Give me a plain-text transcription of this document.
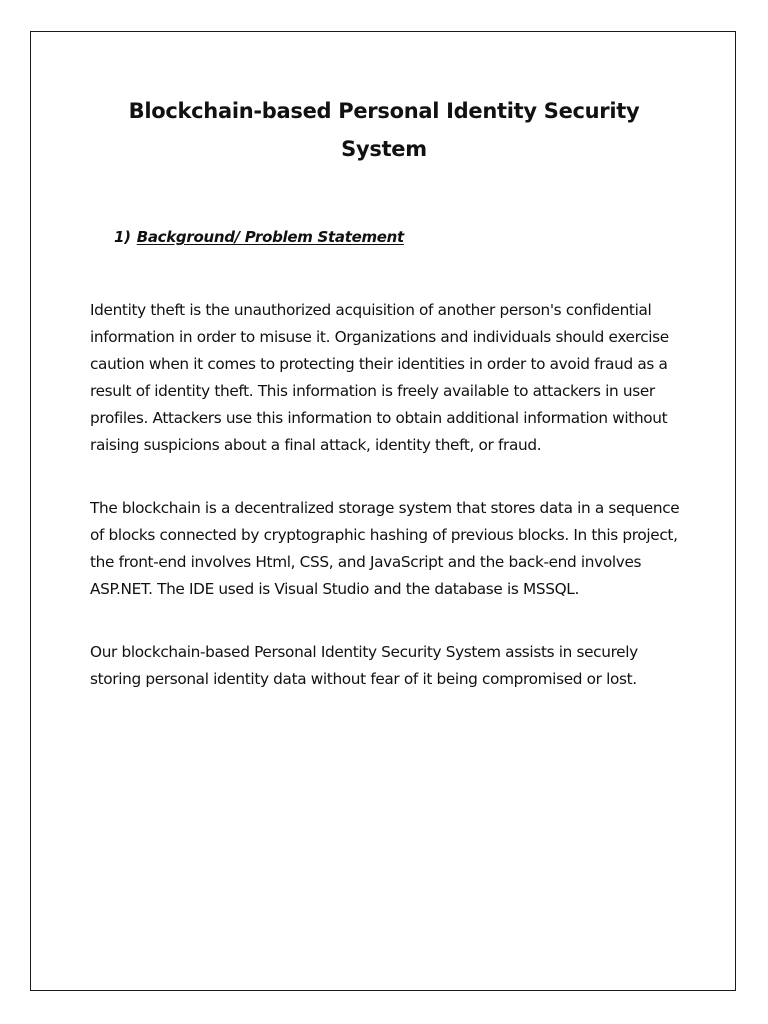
Blockchain-based Personal Identity Security System
1) Background/ Problem Statement

Identity theft is the unauthorized acquisition of another person's confidential information in order to misuse it. Organizations and individuals should exercise caution when it comes to protecting their identities in order to avoid fraud as a result of identity theft. This information is freely available to attackers in user profiles. Attackers use this information to obtain additional information without raising suspicions about a final attack, identity theft, or fraud.

The blockchain is a decentralized storage system that stores data in a sequence of blocks connected by cryptographic hashing of previous blocks. In this project, the front-end involves Html, CSS, and JavaScript and the back-end involves ASP.NET. The IDE used is Visual Studio and the database is MSSQL.

Our blockchain-based Personal Identity Security System assists in securely storing personal identity data without fear of it being compromised or lost.
